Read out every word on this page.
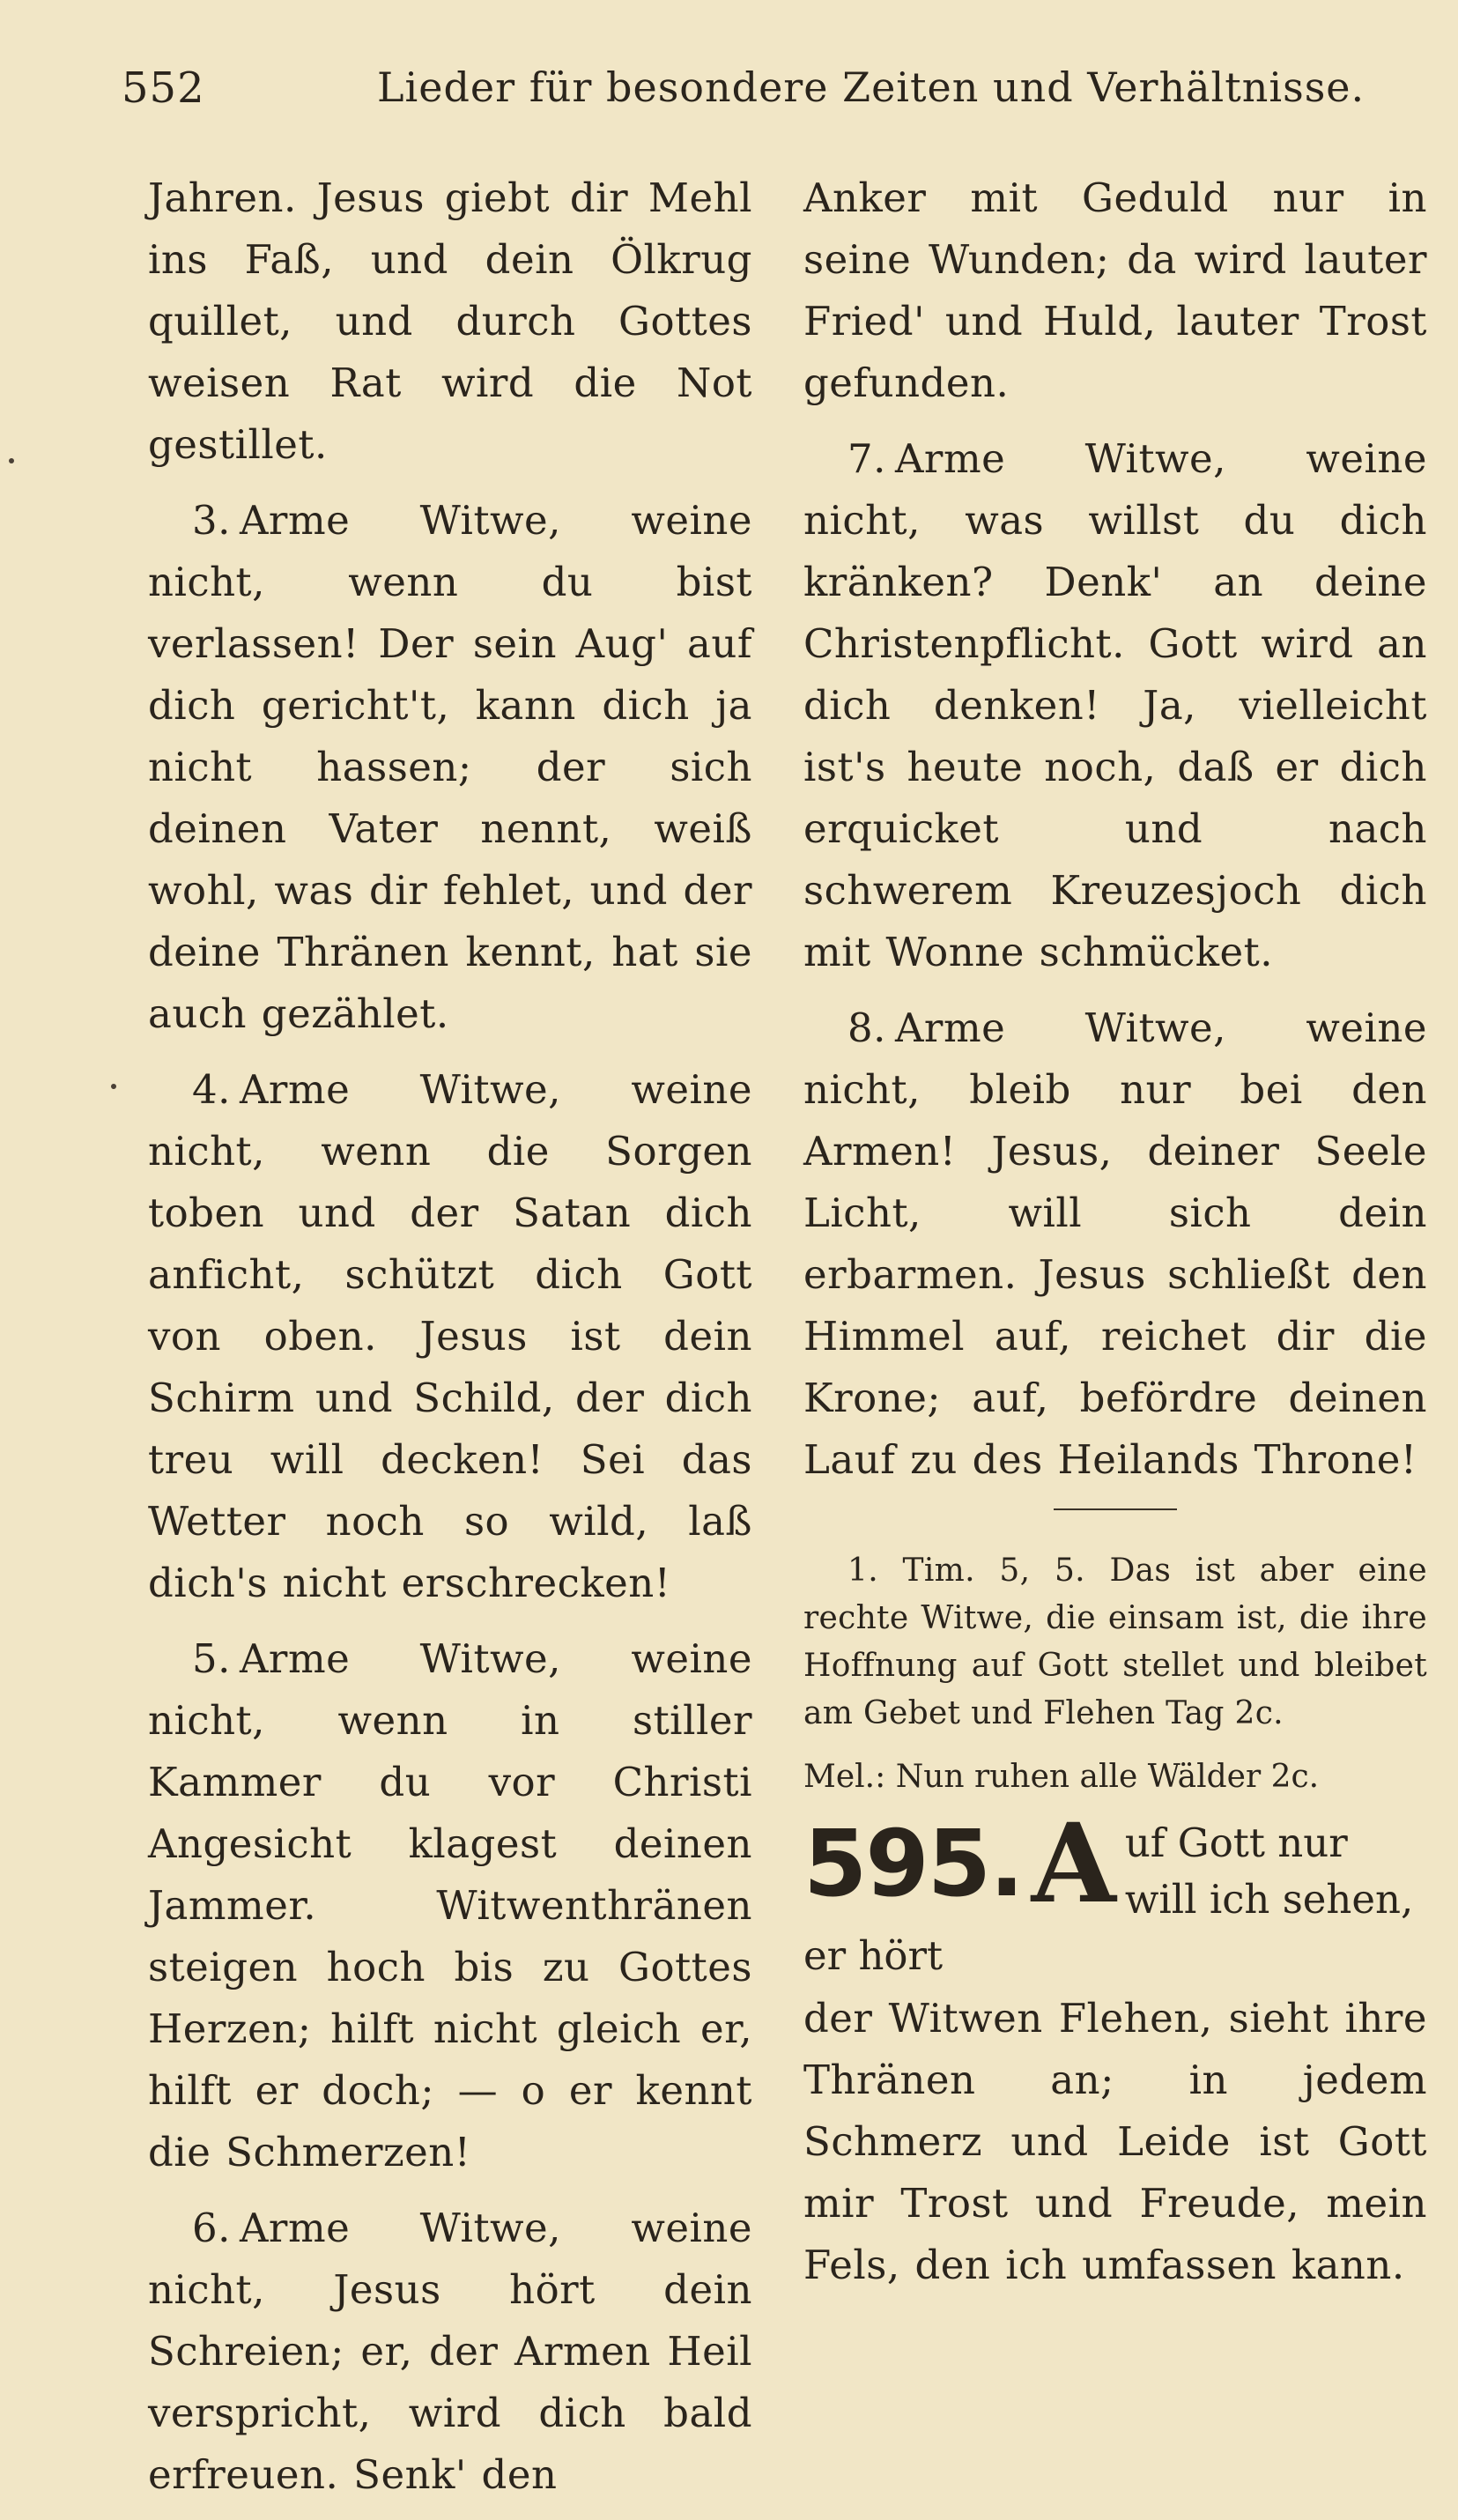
552	Lieder für besondere Zeiten und Verhältnisse.

Jahren. Jesus giebt dir Mehl ins Faß, und dein Ölkrug quillet, und durch Gottes weisen Rat wird die Not gestillet.

3. Arme Witwe, weine nicht, wenn du bist verlassen! Der sein Aug' auf dich gericht't, kann dich ja nicht hassen; der sich deinen Vater nennt, weiß wohl, was dir fehlet, und der deine Thränen kennt, hat sie auch gezählet.

4. Arme Witwe, weine nicht, wenn die Sorgen toben und der Satan dich anficht, schützt dich Gott von oben. Jesus ist dein Schirm und Schild, der dich treu will decken! Sei das Wetter noch so wild, laß dich's nicht erschrecken!

5. Arme Witwe, weine nicht, wenn in stiller Kammer du vor Christi Angesicht klagest deinen Jammer. Witwenthränen steigen hoch bis zu Gottes Herzen; hilft nicht gleich er, hilft er doch; — o er kennt die Schmerzen!

6. Arme Witwe, weine nicht, Jesus hört dein Schreien; er, der Armen Heil verspricht, wird dich bald erfreuen. Senk' den

Anker mit Geduld nur in seine Wunden; da wird lauter Fried' und Huld, lauter Trost gefunden.

7. Arme Witwe, weine nicht, was willst du dich kränken? Denk' an deine Christenpflicht. Gott wird an dich denken! Ja, vielleicht ist's heute noch, daß er dich erquicket und nach schwerem Kreuzesjoch dich mit Wonne schmücket.

8. Arme Witwe, weine nicht, bleib nur bei den Armen! Jesus, deiner Seele Licht, will sich dein erbarmen. Jesus schließt den Himmel auf, reichet dir die Krone; auf, befördre deinen Lauf zu des Heilands Throne!

1. Tim. 5, 5. Das ist aber eine rechte Witwe, die einsam ist, die ihre Hoffnung auf Gott stellet und bleibet am Gebet und Flehen Tag 2c.

Mel.: Nun ruhen alle Wälder 2c.

595. A uf Gott nur will ich sehen, er hört

der Witwen Flehen, sieht ihre Thränen an; in jedem Schmerz und Leide ist Gott mir Trost und Freude, mein Fels, den ich umfassen kann.
